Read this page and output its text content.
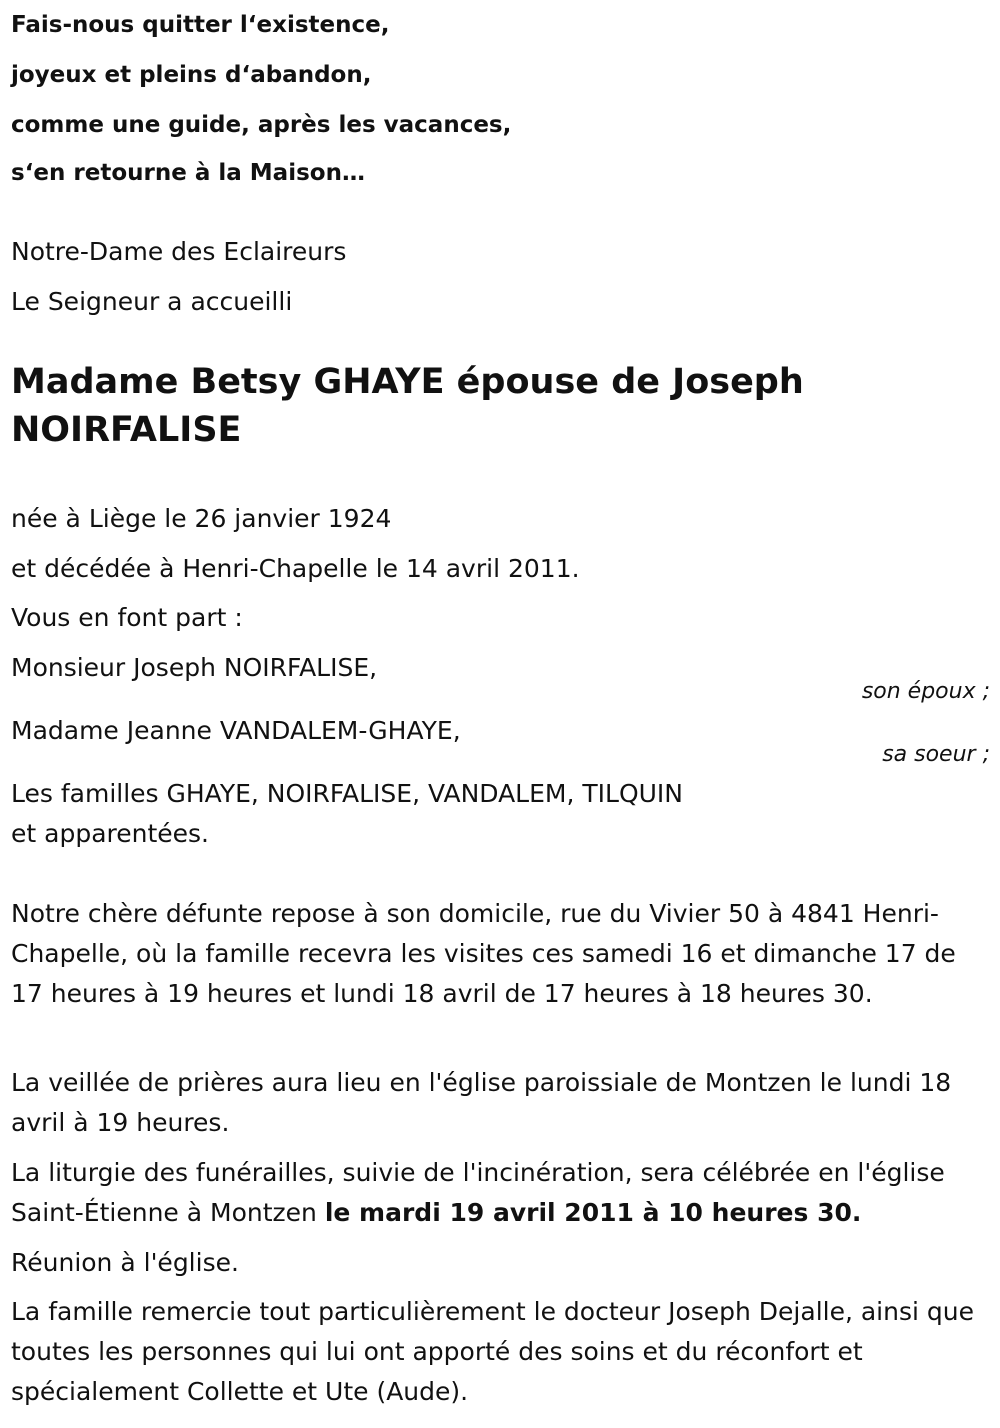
Fais-nous quitter l‘existence,
joyeux et pleins d‘abandon,
comme une guide, après les vacances,
s‘en retourne à la Maison…
Notre-Dame des Eclaireurs
Le Seigneur a accueilli
Madame Betsy GHAYE épouse de Joseph
NOIRFALISE
née à Liège le 26 janvier 1924
et décédée à Henri-Chapelle le 14 avril 2011.
Vous en font part :
Monsieur Joseph NOIRFALISE,
son époux ;
Madame Jeanne VANDALEM-GHAYE,
sa soeur ;
Les familles GHAYE, NOIRFALISE, VANDALEM, TILQUIN
et apparentées.
Notre chère défunte repose à son domicile, rue du Vivier 50 à 4841 Henri-Chapelle, où la famille recevra les visites ces samedi 16 et dimanche 17 de 17 heures à 19 heures et lundi 18 avril de 17 heures à 18 heures 30.
La veillée de prières aura lieu en l'église paroissiale de Montzen le lundi 18 avril à 19 heures.
La liturgie des funérailles, suivie de l'incinération, sera célébrée en l'église Saint-Étienne à Montzen le mardi 19 avril 2011 à 10 heures 30.
Réunion à l'église.
La famille remercie tout particulièrement le docteur Joseph Dejalle, ainsi que toutes les personnes qui lui ont apporté des soins et du réconfort et spécialement Collette et Ute (Aude).
